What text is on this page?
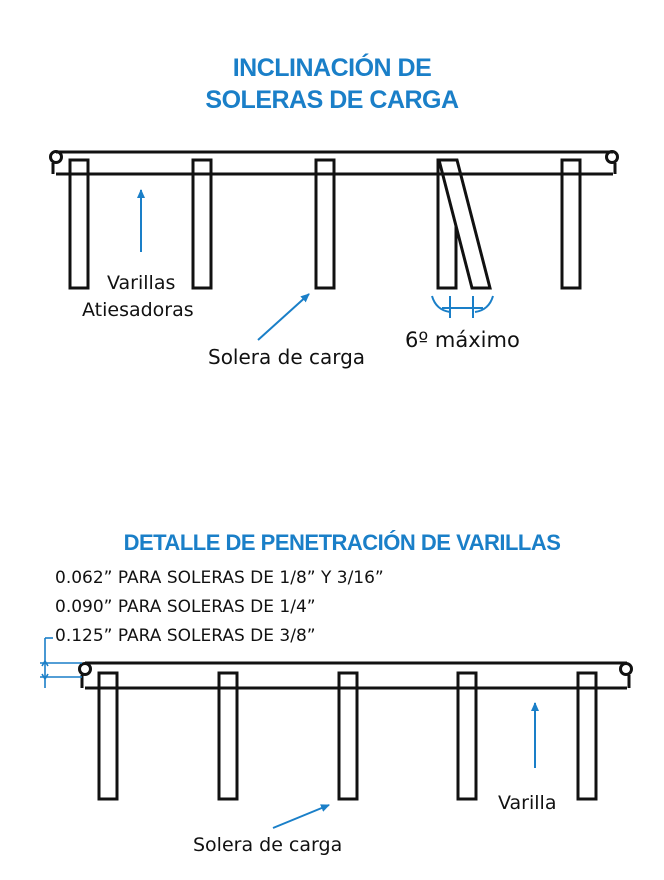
INCLINACIÓN DE
SOLERAS DE CARGA
Varillas
Atiesadoras
Solera de carga
6º máximo
DETALLE DE PENETRACIÓN DE VARILLAS
0.062” PARA SOLERAS DE 1/8” Y 3/16”
0.090” PARA SOLERAS DE 1/4”
0.125” PARA SOLERAS DE 3/8”
Varilla
Solera de carga
